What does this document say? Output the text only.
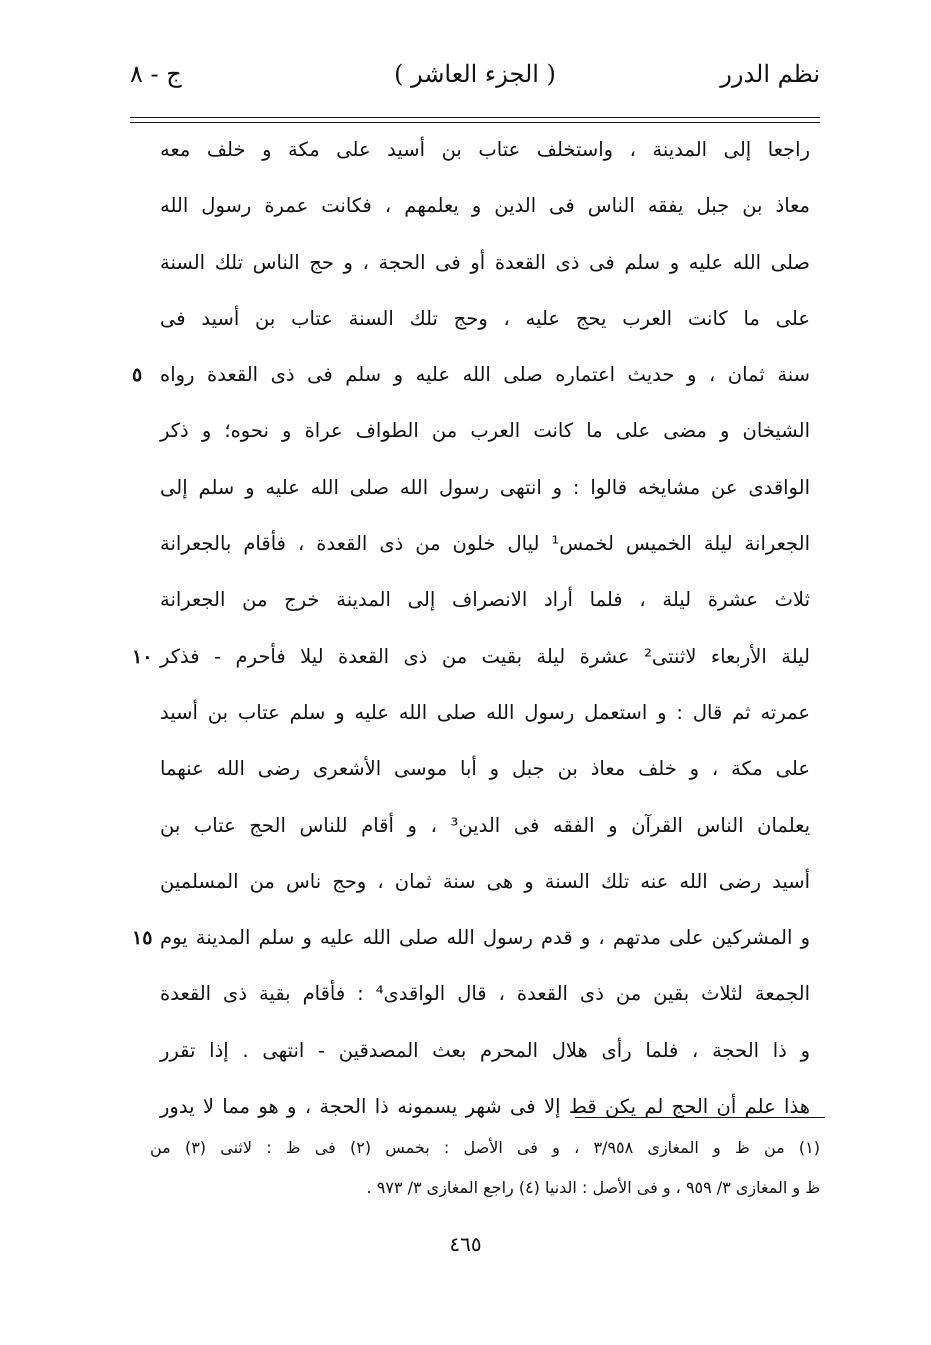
نظم الدرر
( الجزء العاشر )
ج - ٨
راجعا إلى المدينة ، واستخلف عتاب بن أسيد على مكة و خلف معه
معاذ بن جبل يفقه الناس فى الدين و يعلمهم ، فكانت عمرة رسول الله
صلى الله عليه و سلم فى ذى القعدة أو فى الحجة ، و حج الناس تلك السنة
على ما كانت العرب يحج عليه ، وحج تلك السنة عتاب بن أسيد فى
سنة ثمان ، و حديث اعتماره صلى الله عليه و سلم فى ذى القعدة رواه
٥
الشيخان و مضى على ما كانت العرب من الطواف عراة و نحوه؛ و ذكر
الواقدى عن مشايخه قالوا : و انتهى رسول الله صلى الله عليه و سلم إلى
الجعرانة ليلة الخميس لخمس¹ ليال خلون من ذى القعدة ، فأقام بالجعرانة
ثلاث عشرة ليلة ، فلما أراد الانصراف إلى المدينة خرج من الجعرانة
ليلة الأربعاء لاثنتى² عشرة ليلة بقيت من ذى القعدة ليلا فأحرم - فذكر
١٠
عمرته ثم قال : و استعمل رسول الله صلى الله عليه و سلم عتاب بن أسيد
على مكة ، و خلف معاذ بن جبل و أبا موسى الأشعرى رضى الله عنهما
يعلمان الناس القرآن و الفقه فى الدين³ ، و أقام للناس الحج عتاب بن
أسيد رضى الله عنه تلك السنة و هى سنة ثمان ، وحج ناس من المسلمين
و المشركين على مدتهم ، و قدم رسول الله صلى الله عليه و سلم المدينة يوم
١٥
الجمعة لثلاث بقين من ذى القعدة ، قال الواقدى⁴ : فأقام بقية ذى القعدة
و ذا الحجة ، فلما رأى هلال المحرم بعث المصدقين - انتهى . إذا تقرر
هذا علم أن الحج لم يكن قط إلا فى شهر يسمونه ذا الحجة ، و هو مما لا يدور
(١) من ظ و المغازى ٣/٩٥٨ ، و فى الأصل : بخمس (٢) فى ظ : لاثنى (٣) من
ظ و المغازى ٣/ ٩٥٩ ، و فى الأصل : الدنيا (٤) راجع المغازى ٣/ ٩٧٣ .
٤٦٥
